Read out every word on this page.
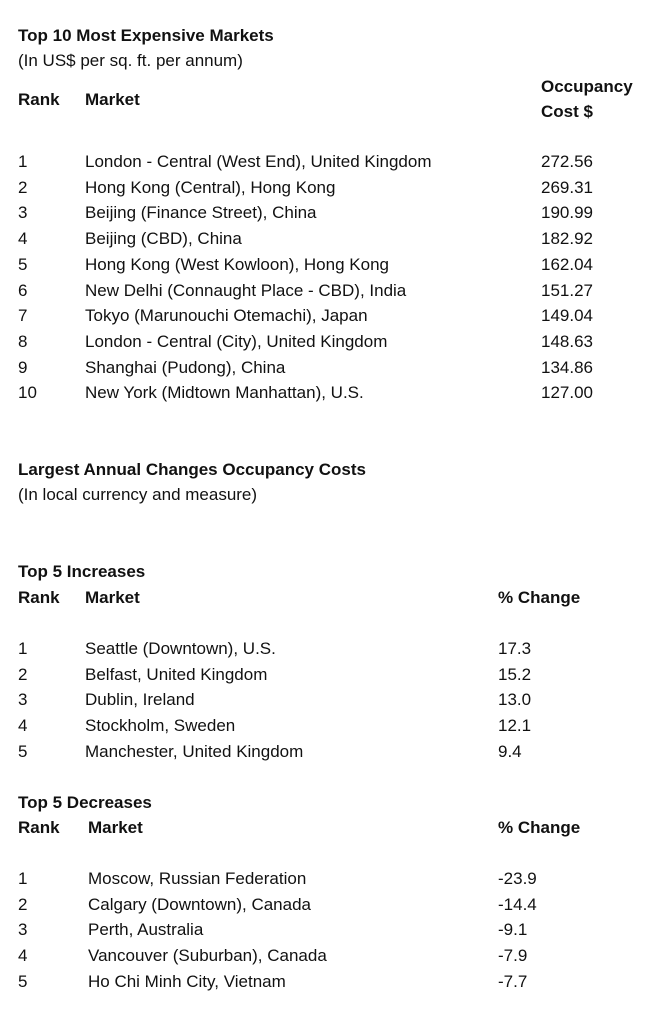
Top 10 Most Expensive Markets
(In US$ per sq. ft. per annum)
Rank Market
Occupancy
Cost $
1	London - Central (West End), United Kingdom	272.56
2	Hong Kong (Central), Hong Kong	269.31
3	Beijing (Finance Street), China	190.99
4	Beijing (CBD), China	182.92
5	Hong Kong (West Kowloon), Hong Kong	162.04
6	New Delhi (Connaught Place - CBD), India	151.27
7	Tokyo (Marunouchi Otemachi), Japan	149.04
8	London - Central (City), United Kingdom	148.63
9	Shanghai (Pudong), China	134.86
10	New York (Midtown Manhattan), U.S.	127.00
Largest Annual Changes Occupancy Costs
(In local currency and measure)
Top 5 Increases
Rank Market	% Change
1	Seattle (Downtown), U.S.	17.3
2	Belfast, United Kingdom	15.2
3	Dublin, Ireland	13.0
4	Stockholm, Sweden	12.1
5	Manchester, United Kingdom	9.4
Top 5 Decreases
Rank Market	% Change
1	Moscow, Russian Federation	-23.9
2	Calgary (Downtown), Canada	-14.4
3	Perth, Australia	-9.1
4	Vancouver (Suburban), Canada	-7.9
5	Ho Chi Minh City, Vietnam	-7.7
